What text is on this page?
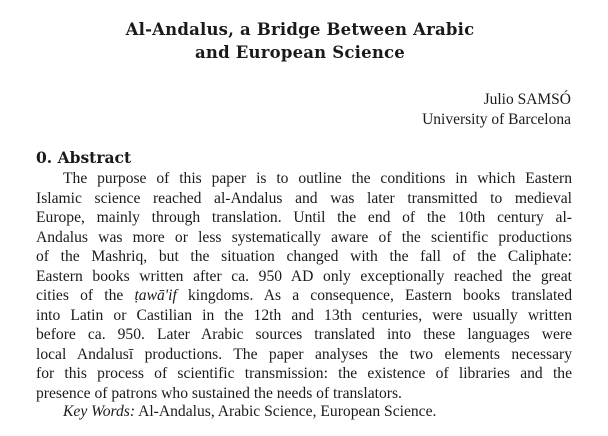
Al-Andalus, a Bridge Between Arabic
and European Science
Julio SAMSÓ
University of Barcelona
0. Abstract
The purpose of this paper is to outline the conditions in which Eastern
Islamic science reached al-Andalus and was later transmitted to medieval
Europe, mainly through translation. Until the end of the 10th century al-
Andalus was more or less systematically aware of the scientific productions
of the Mashriq, but the situation changed with the fall of the Caliphate:
Eastern books written after ca. 950 AD only exceptionally reached the great
cities of the ṭawā'if kingdoms. As a consequence, Eastern books translated
into Latin or Castilian in the 12th and 13th centuries, were usually written
before ca. 950. Later Arabic sources translated into these languages were
local Andalusī productions. The paper analyses the two elements necessary
for this process of scientific transmission: the existence of libraries and the
presence of patrons who sustained the needs of translators.
Key Words: Al-Andalus, Arabic Science, European Science.
